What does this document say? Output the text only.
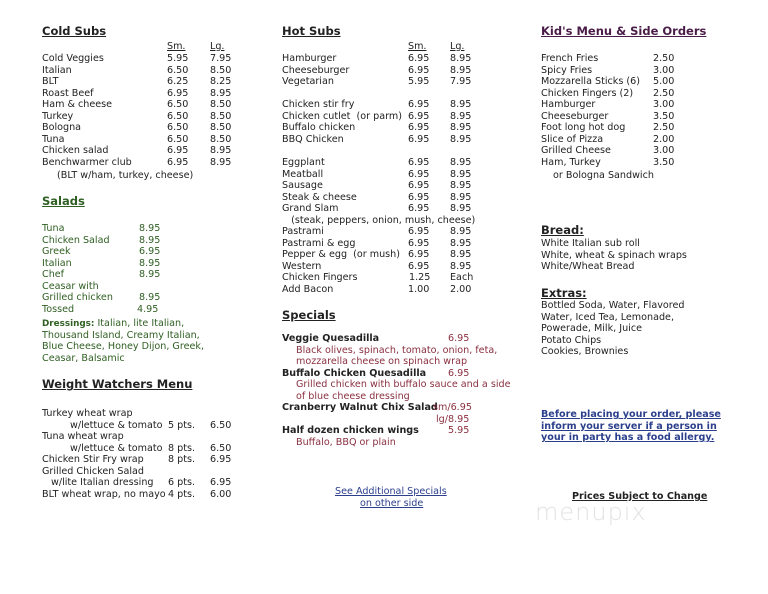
Cold Subs
Sm.	Lg.
Cold Veggies	5.95 7.95
Italian	6.50 8.50
BLT	6.25 8.25
Roast Beef	6.95 8.95
Ham & cheese	6.50 8.50
Turkey	6.50 8.50
Bologna	6.50 8.50
Tuna	6.50 8.50
Chicken salad	6.95 8.95
Benchwarmer club	6.95 8.95
(BLT w/ham, turkey, cheese)
Salads
Tuna	8.95
Chicken Salad	8.95
Greek	6.95
Italian	8.95
Chef	8.95
Ceasar with
Grilled chicken	8.95
Tossed	4.95
Dressings: Italian, lite Italian,
Thousand Island, Creamy Italian,
Blue Cheese, Honey Dijon, Greek,
Ceasar, Balsamic
Weight Watchers Menu
Turkey wheat wrap
w/lettuce & tomato 5 pts. 6.50
Tuna wheat wrap
w/lettuce & tomato 8 pts. 6.50
Chicken Stir Fry wrap	8 pts. 6.95
Grilled Chicken Salad
w/lite Italian dressing 6 pts. 6.95
BLT wheat wrap, no mayo 4 pts. 6.00
Hot Subs
Sm. Lg.
Hamburger	6.95 8.95
Cheeseburger	6.95 8.95
Vegetarian	5.95 7.95
Chicken stir fry	6.95 8.95
Chicken cutlet  (or parm) 6.95 8.95
Buffalo chicken	6.95 8.95
BBQ Chicken	6.95 8.95
Eggplant	6.95 8.95
Meatball	6.95 8.95
Sausage	6.95 8.95
Steak & cheese	6.95 8.95
Grand Slam	6.95 8.95
(steak, peppers, onion, mush, cheese)
Pastrami	6.95 8.95
Pastrami & egg	6.95 8.95
Pepper & egg  (or mush) 6.95 8.95
Western	6.95 8.95
Chicken Fingers	1.25 Each
Add Bacon	1.00 2.00
Specials
Veggie Quesadilla	6.95
Black olives, spinach, tomato, onion, feta,
mozzarella cheese on spinach wrap
Buffalo Chicken Quesadilla 6.95
Grilled chicken with buffalo sauce and a side
of blue cheese dressing
Cranberry Walnut Chix Salad
sm/6.95
lg/8.95
Half dozen chicken wings	5.95
Buffalo, BBQ or plain
See Additional Specials
on other side
Kid's Menu & Side Orders
French Fries	2.50
Spicy Fries	3.00
Mozzarella Sticks (6) 5.00
Chicken Fingers (2) 2.50
Hamburger	3.00
Cheeseburger	3.50
Foot long hot dog	2.50
Slice of Pizza	2.00
Grilled Cheese	3.00
Ham, Turkey	3.50
or Bologna Sandwich
Bread:
White Italian sub roll
White, wheat & spinach wraps
White/Wheat Bread
Extras:
Bottled Soda, Water, Flavored
Water, Iced Tea, Lemonade,
Powerade, Milk, Juice
Potato Chips
Cookies, Brownies
Before placing your order, please
inform your server if a person in
your in party has a food allergy.
Prices Subject to Change
menupix
